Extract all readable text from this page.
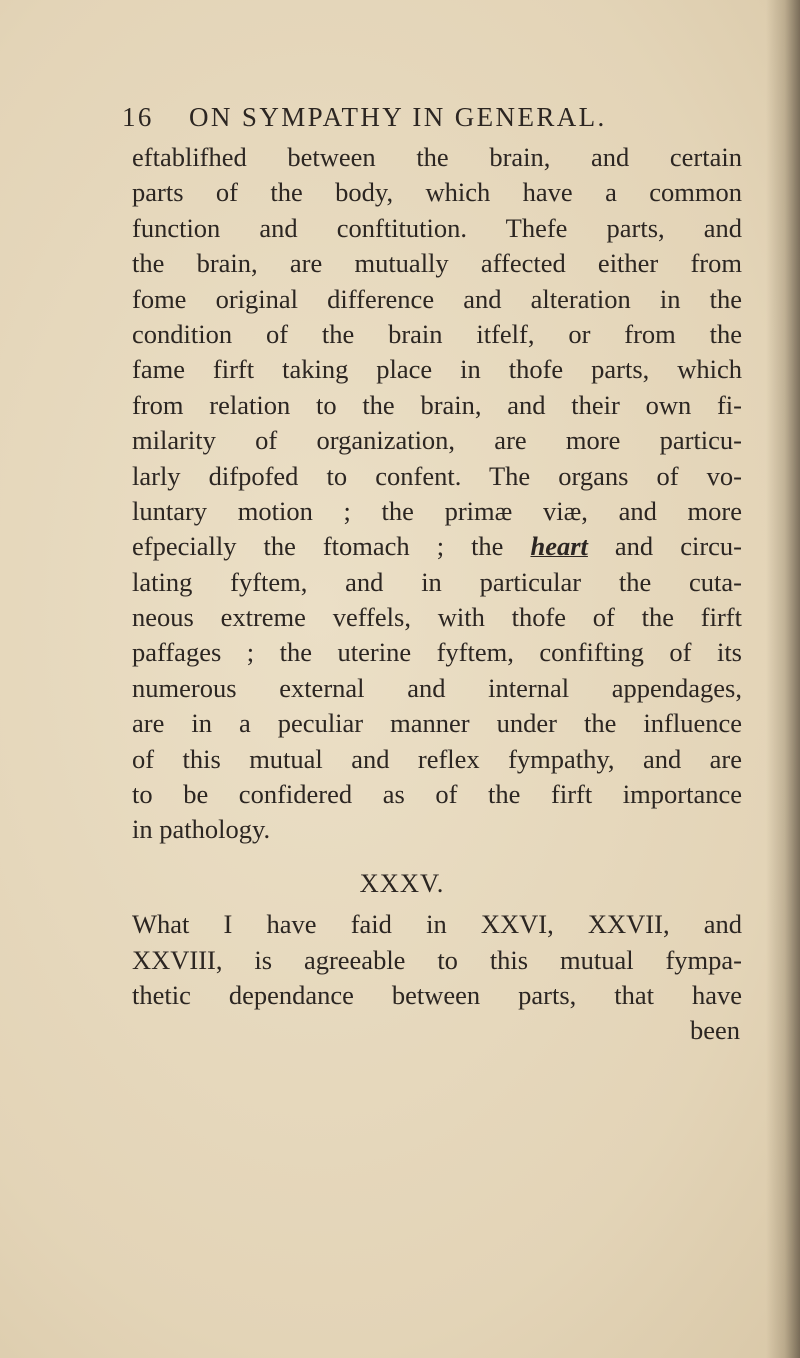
16 ON SYMPATHY IN GENERAL.
eftablifhed between the brain, and certain
parts of the body, which have a common
function and conftitution. Thefe parts, and
the brain, are mutually affected either from
fome original difference and alteration in the
condition of the brain itfelf, or from the
fame firft taking place in thofe parts, which
from relation to the brain, and their own fi-
milarity of organization, are more particu-
larly difpofed to confent. The organs of vo-
luntary motion ; the primæ viæ, and more
efpecially the ftomach ; the heart and circu-
lating fyftem, and in particular the cuta-
neous extreme veffels, with thofe of the firft
paffages ; the uterine fyftem, confifting of its
numerous external and internal appendages,
are in a peculiar manner under the influence
of this mutual and reflex fympathy, and are
to be confidered as of the firft importance
in pathology.
XXXV.
What I have faid in XXVI, XXVII, and
XXVIII, is agreeable to this mutual fympa-
thetic dependance between parts, that have
been
